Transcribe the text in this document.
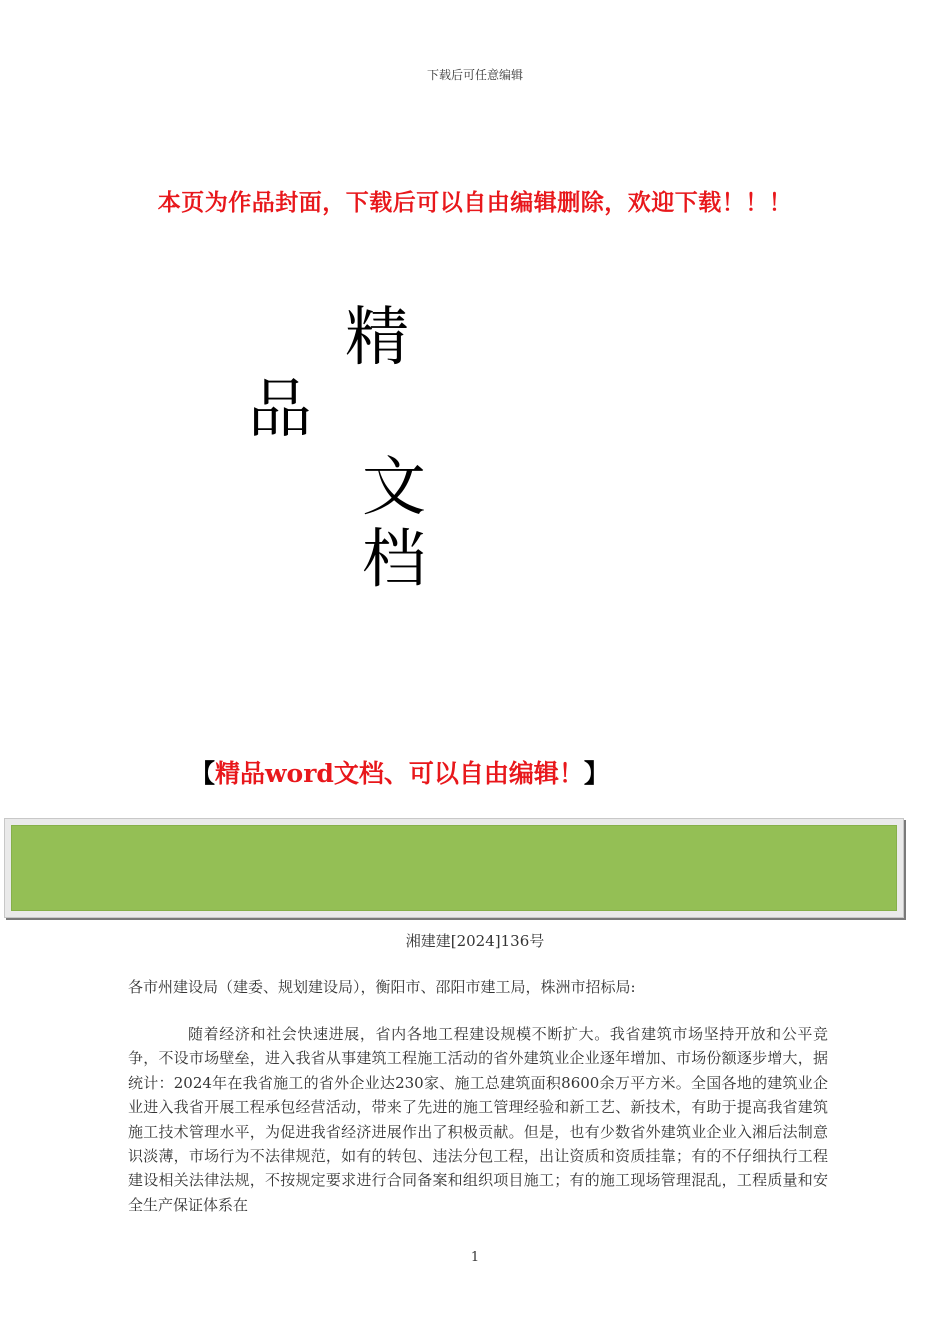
下载后可任意编辑
本页为作品封面，下载后可以自由编辑删除，欢迎下载！！！
精
品
文
档
【精品word文档、可以自由编辑！】
湘建建[2024]136号
各市州建设局（建委、规划建设局），衡阳市、邵阳市建工局，株洲市招标局:

随着经济和社会快速进展，省内各地工程建设规模不断扩大。我省建筑市场坚持开放和公平竞争，不设市场壁垒，进入我省从事建筑工程施工活动的省外建筑业企业逐年增加、市场份额逐步增大，据统计：2024年在我省施工的省外企业达230家、施工总建筑面积8600余万平方米。全国各地的建筑业企业进入我省开展工程承包经营活动，带来了先进的施工管理经验和新工艺、新技术，有助于提高我省建筑施工技术管理水平，为促进我省经济进展作出了积极贡献。但是，也有少数省外建筑业企业入湘后法制意识淡薄，市场行为不法律规范，如有的转包、违法分包工程，出让资质和资质挂靠；有的不仔细执行工程建设相关法律法规，不按规定要求进行合同备案和组织项目施工；有的施工现场管理混乱，工程质量和安全生产保证体系在

1
